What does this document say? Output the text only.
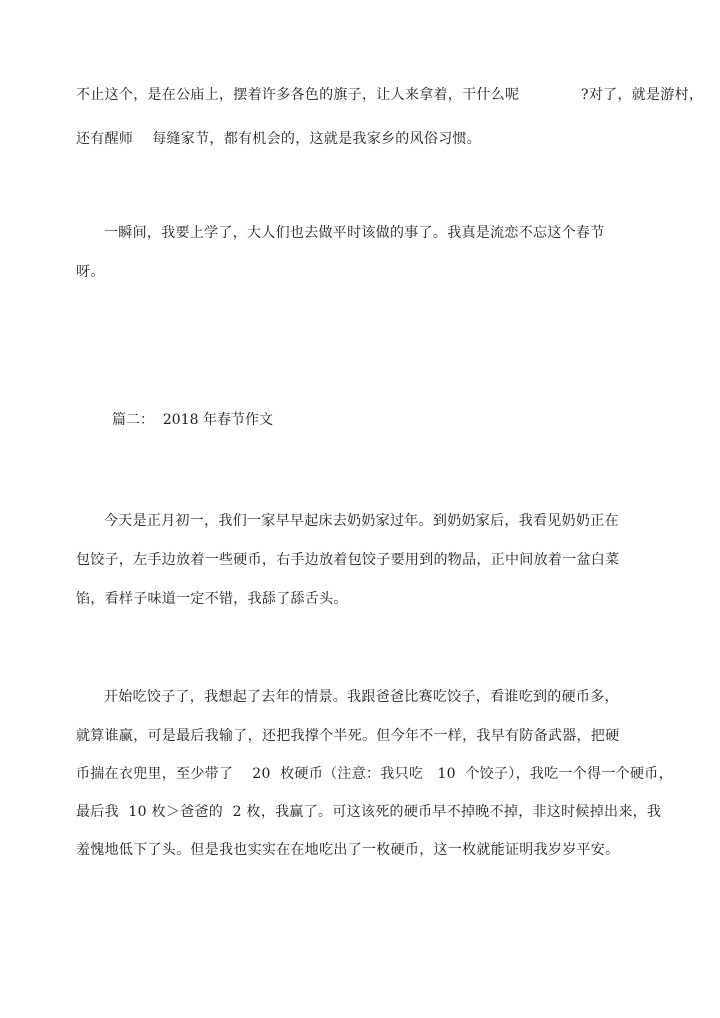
不止这个，是在公庙上，摆着许多各色的旗子，让人来拿着，干什么呢             ?对了，就是游村，
还有醒师    每缝家节，都有机会的，这就是我家乡的风俗习惯。
一瞬间，我要上学了，大人们也去做平时该做的事了。我真是流恋不忘这个春节
呀。
篇二：  2018 年春节作文
今天是正月初一，我们一家早早起床去奶奶家过年。到奶奶家后，我看见奶奶正在
包饺子，左手边放着一些硬币，右手边放着包饺子要用到的物品，正中间放着一盆白菜
馅，看样子味道一定不错，我舔了舔舌头。
开始吃饺子了，我想起了去年的情景。我跟爸爸比赛吃饺子，看谁吃到的硬币多，
就算谁赢，可是最后我输了，还把我撑个半死。但今年不一样，我早有防备武器，把硬
币揣在衣兜里，至少带了    20  枚硬币（注意：我只吃   10  个饺子），我吃一个得一个硬币，
最后我  10 枚＞爸爸的  2 枚，我赢了。可这该死的硬币早不掉晚不掉，非这时候掉出来，我
羞愧地低下了头。但是我也实实在在地吃出了一枚硬币，这一枚就能证明我岁岁平安。
